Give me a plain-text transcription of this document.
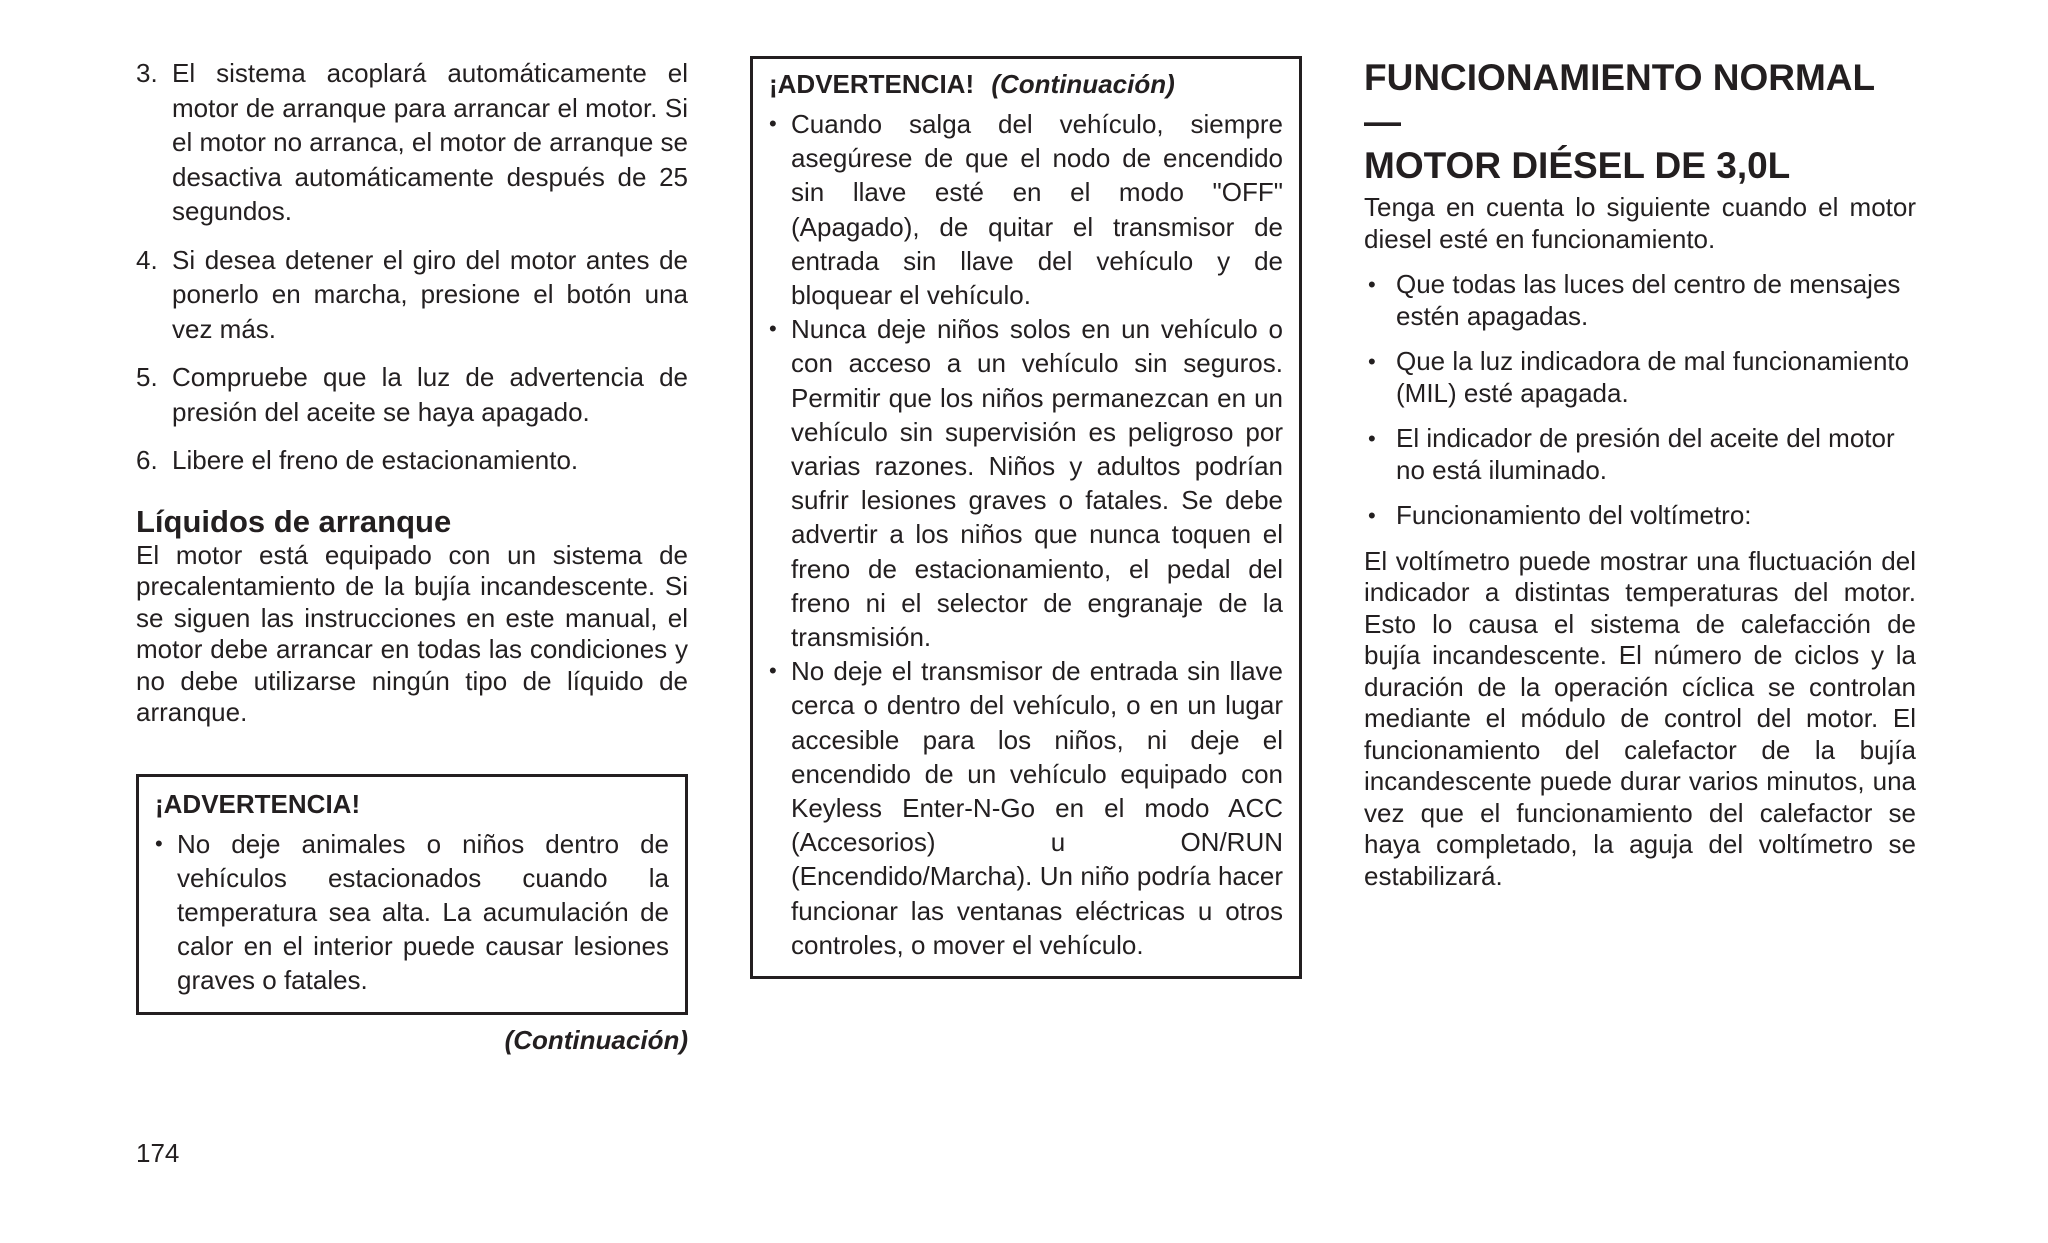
3. El sistema acoplará automáticamente el motor de arranque para arrancar el motor. Si el motor no arranca, el motor de arranque se desactiva automáticamente después de 25 segundos.
4. Si desea detener el giro del motor antes de ponerlo en marcha, presione el botón una vez más.
5. Compruebe que la luz de advertencia de presión del aceite se haya apagado.
6. Libere el freno de estacionamiento.
Líquidos de arranque

El motor está equipado con un sistema de precalentamiento de la bujía incandescente. Si se siguen las instrucciones en este manual, el motor debe arrancar en todas las condiciones y no debe utilizarse ningún tipo de líquido de arranque.

¡ADVERTENCIA!
• No deje animales o niños dentro de vehículos estacionados cuando la temperatura sea alta. La acumulación de calor en el interior puede causar lesiones graves o fatales.
(Continuación)
¡ADVERTENCIA! (Continuación)
• Cuando salga del vehículo, siempre asegúrese de que el nodo de encendido sin llave esté en el modo "OFF" (Apagado), de quitar el transmisor de entrada sin llave del vehículo y de bloquear el vehículo.
• Nunca deje niños solos en un vehículo o con acceso a un vehículo sin seguros. Permitir que los niños permanezcan en un vehículo sin supervisión es peligroso por varias razones. Niños y adultos podrían sufrir lesiones graves o fatales. Se debe advertir a los niños que nunca toquen el freno de estacionamiento, el pedal del freno ni el selector de engranaje de la transmisión.
• No deje el transmisor de entrada sin llave cerca o dentro del vehículo, o en un lugar accesible para los niños, ni deje el encendido de un vehículo equipado con Keyless Enter-N-Go en el modo ACC (Accesorios) u ON/RUN (Encendido/Marcha). Un niño podría hacer funcionar las ventanas eléctricas u otros controles, o mover el vehículo.
FUNCIONAMIENTO NORMAL —
MOTOR DIÉSEL DE 3,0L

Tenga en cuenta lo siguiente cuando el motor diesel esté en funcionamiento.

• Que todas las luces del centro de mensajes estén apagadas.
• Que la luz indicadora de mal funcionamiento (MIL) esté apagada.
• El indicador de presión del aceite del motor no está iluminado.
• Funcionamiento del voltímetro:

El voltímetro puede mostrar una fluctuación del indicador a distintas temperaturas del motor. Esto lo causa el sistema de calefacción de bujía incandescente. El número de ciclos y la duración de la operación cíclica se controlan mediante el módulo de control del motor. El funcionamiento del calefactor de la bujía incandescente puede durar varios minutos, una vez que el funcionamiento del calefactor se haya completado, la aguja del voltímetro se estabilizará.

174
